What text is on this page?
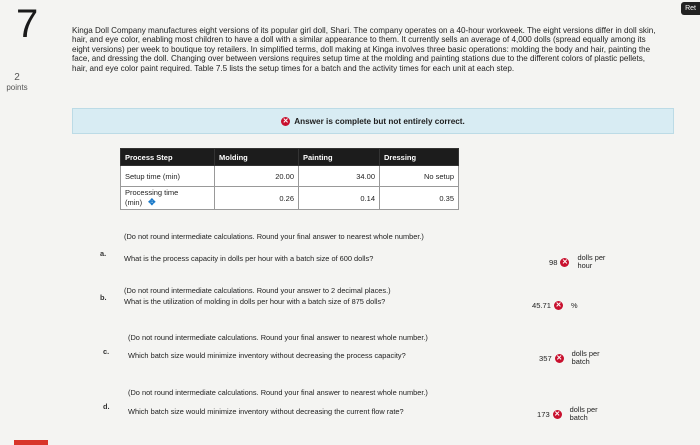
7
2
points
Ret
Kinga Doll Company manufactures eight versions of its popular girl doll, Shari. The company operates on a 40-hour workweek. The eight versions differ in doll skin, hair, and eye color, enabling most children to have a doll with a similar appearance to them. It currently sells an average of 4,000 dolls (spread equally among its eight versions) per week to boutique toy retailers. In simplified terms, doll making at Kinga involves three basic operations: molding the body and hair, painting the face, and dressing the doll. Changing over between versions requires setup time at the molding and painting stations due to the different colors of plastic pellets, hair, and eye color paint required. Table 7.5 lists the setup times for a batch and the activity times for each unit at each step.
✕ Answer is complete but not entirely correct.
Process Step	Molding	Painting	Dressing
Setup time (min)	20.00	34.00	No setup
Processing time (min) ✥	0.26	0.14	0.35
(Do not round intermediate calculations. Round your final answer to nearest whole number.)
a.
What is the process capacity in dolls per hour with a batch size of 600 dolls?	98 ✕ dolls per hour
(Do not round intermediate calculations. Round your answer to 2 decimal places.)
b. What is the utilization of molding in dolls per hour with a batch size of 875 dolls?	45.71 ✕ %
(Do not round intermediate calculations. Round your final answer to nearest whole number.)
c.	Which batch size would minimize inventory without decreasing the process capacity?	357 ✕ dolls per batch
(Do not round intermediate calculations. Round your final answer to nearest whole number.)
d.
Which batch size would minimize inventory without decreasing the current flow rate?	173 ✕ dolls per batch
